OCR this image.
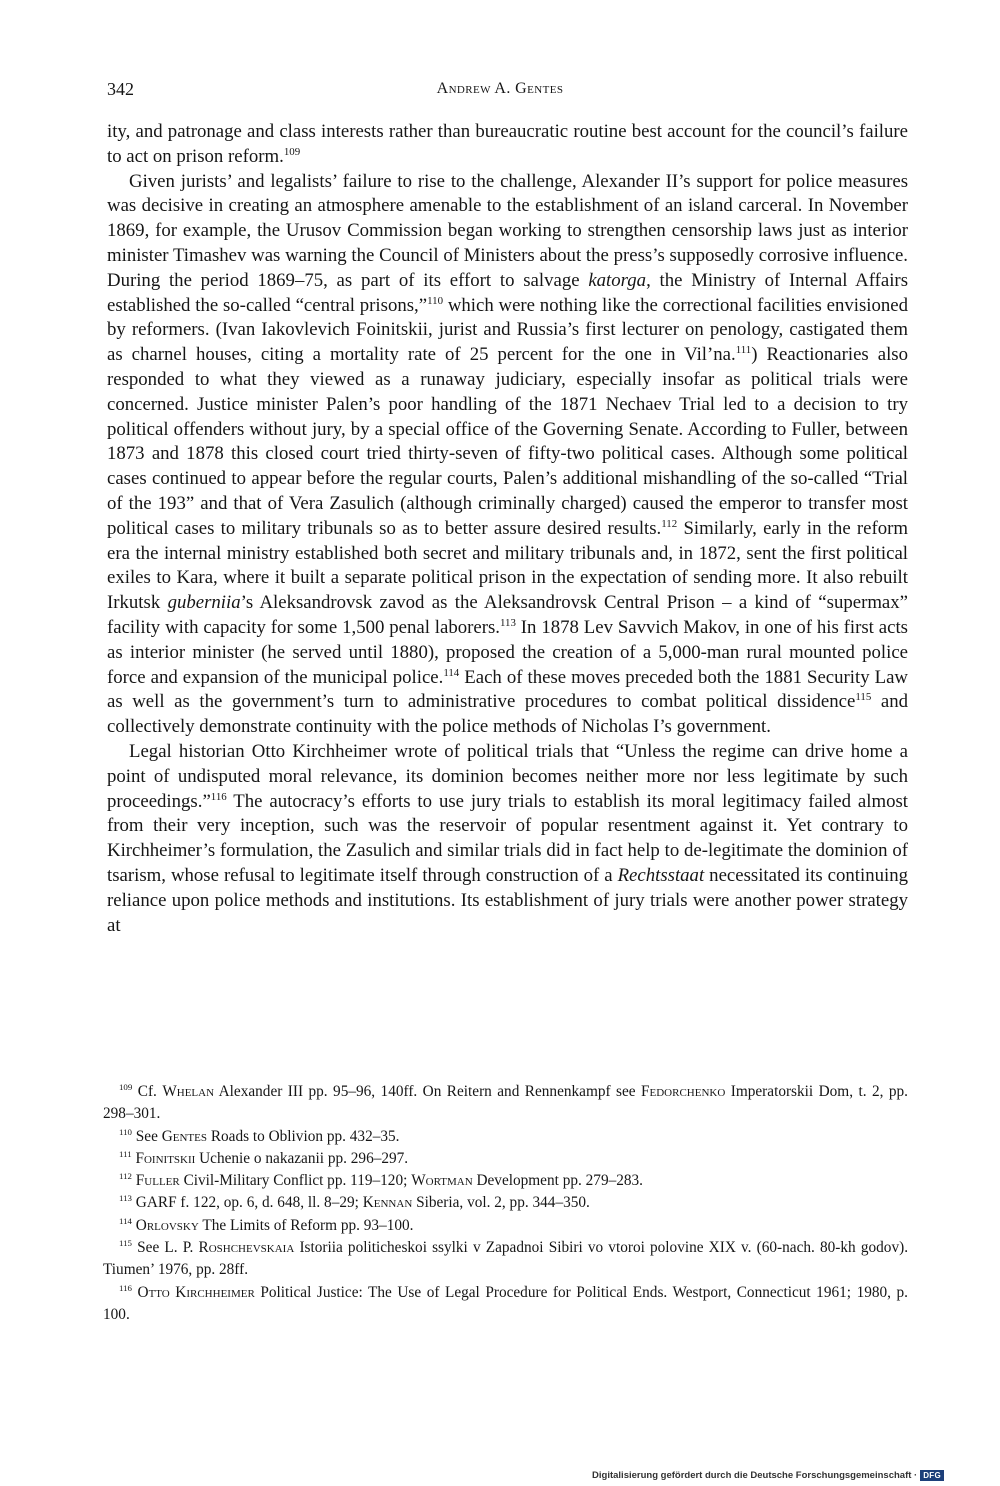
342	Andrew A. Gentes

ity, and patronage and class interests rather than bureaucratic routine best account for the council’s failure to act on prison reform.$^{109}$

Given jurists’ and legalists’ failure to rise to the challenge, Alexander II’s support for police measures was decisive in creating an atmosphere amenable to the establishment of an island carceral. In November 1869, for example, the Urusov Commission began working to strengthen censorship laws just as interior minister Timashev was warning the Council of Ministers about the press’s supposedly corrosive influence. During the period 1869–75, as part of its effort to salvage katorga, the Ministry of Internal Affairs established the so-called “central prisons,”$^{110}$ which were nothing like the correctional facilities envisioned by reformers. (Ivan Iakovlevich Foinitskii, jurist and Russia’s first lecturer on penology, castigated them as charnel houses, citing a mortality rate of 25 percent for the one in Vil’na.$^{111}$) Reactionaries also responded to what they viewed as a runaway judiciary, especially insofar as political trials were concerned. Justice minister Palen’s poor handling of the 1871 Nechaev Trial led to a decision to try political offenders without jury, by a special office of the Governing Senate. According to Fuller, between 1873 and 1878 this closed court tried thirty-seven of fifty-two political cases. Although some political cases continued to appear before the regular courts, Palen’s additional mishandling of the so-called “Trial of the 193” and that of Vera Zasulich (although criminally charged) caused the emperor to transfer most political cases to military tribunals so as to better assure desired results.$^{112}$ Similarly, early in the reform era the internal ministry established both secret and military tribunals and, in 1872, sent the first political exiles to Kara, where it built a separate political prison in the expectation of sending more. It also rebuilt Irkutsk guberniia’s Aleksandrovsk zavod as the Aleksandrovsk Central Prison – a kind of “supermax” facility with capacity for some 1,500 penal laborers.$^{113}$ In 1878 Lev Savvich Makov, in one of his first acts as interior minister (he served until 1880), proposed the creation of a 5,000-man rural mounted police force and expansion of the municipal police.$^{114}$ Each of these moves preceded both the 1881 Security Law as well as the government’s turn to administrative procedures to combat political dissidence$^{115}$ and collectively demonstrate continuity with the police methods of Nicholas I’s government.

Legal historian Otto Kirchheimer wrote of political trials that “Unless the regime can drive home a point of undisputed moral relevance, its dominion becomes neither more nor less legitimate by such proceedings.”$^{116}$ The autocracy’s efforts to use jury trials to establish its moral legitimacy failed almost from their very inception, such was the reservoir of popular resentment against it. Yet contrary to Kirchheimer’s formulation, the Zasulich and similar trials did in fact help to de-legitimate the dominion of tsarism, whose refusal to legitimate itself through construction of a Rechtsstaat necessitated its continuing reliance upon police methods and institutions. Its establishment of jury trials were another power strategy at

$^{109}$ Cf. Whelan Alexander III pp. 95–96, 140ff. On Reitern and Rennenkampf see Fedorchenko Imperatorskii Dom, t. 2, pp. 298–301.

$^{110}$ See Gentes Roads to Oblivion pp. 432–35.

$^{111}$ Foinitskii Uchenie o nakazanii pp. 296–297.

$^{112}$ Fuller Civil-Military Conflict pp. 119–120; Wortman Development pp. 279–283.

$^{113}$ GARF f. 122, op. 6, d. 648, ll. 8–29; Kennan Siberia, vol. 2, pp. 344–350.

$^{114}$ Orlovsky The Limits of Reform pp. 93–100.

$^{115}$ See L. P. Roshchevskaia Istoriia politicheskoi ssylki v Zapadnoi Sibiri vo vtoroi polovine XIX v. (60-nach. 80-kh godov). Tiumen’ 1976, pp. 28ff.

$^{116}$ Otto Kirchheimer Political Justice: The Use of Legal Procedure for Political Ends. Westport, Connecticut 1961; 1980, p. 100.

Digitalisierung gefördert durch die Deutsche Forschungsgemeinschaft · DFG
